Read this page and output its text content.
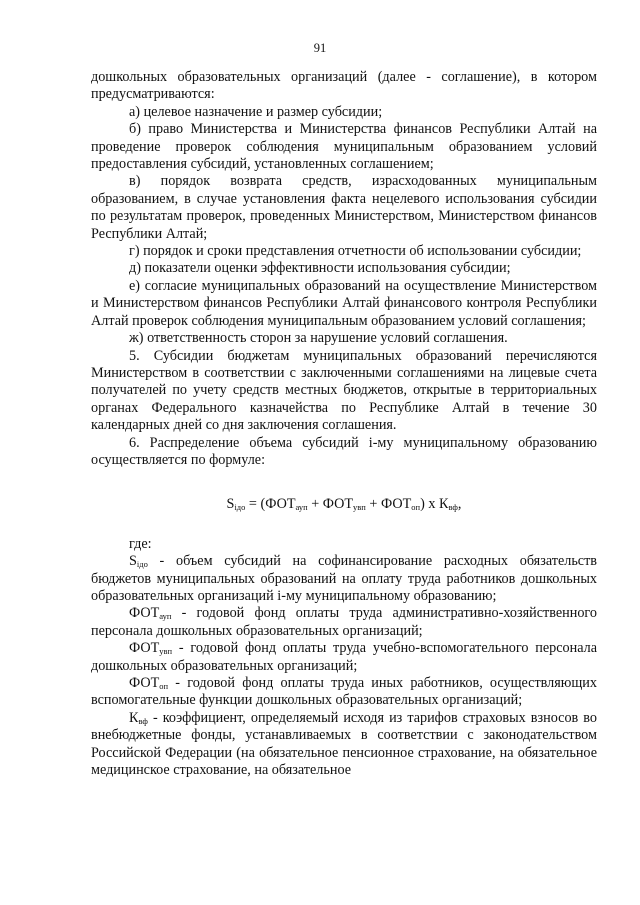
91

дошкольных образовательных организаций (далее - соглашение), в котором предусматриваются:

а) целевое назначение и размер субсидии;

б) право Министерства и Министерства финансов Республики Алтай на проведение проверок соблюдения муниципальным образованием условий предоставления субсидий, установленных соглашением;

в) порядок возврата средств, израсходованных муниципальным образованием, в случае установления факта нецелевого использования субсидии по результатам проверок, проведенных Министерством, Министерством финансов Республики Алтай;

г) порядок и сроки представления отчетности об использовании субсидии;

д) показатели оценки эффективности использования субсидии;

е) согласие муниципальных образований на осуществление Министерством и Министерством финансов Республики Алтай финансового контроля Республики Алтай проверок соблюдения муниципальным образованием условий соглашения;

ж) ответственность сторон за нарушение условий соглашения.

5. Субсидии бюджетам муниципальных образований перечисляются Министерством в соответствии с заключенными соглашениями на лицевые счета получателей по учету средств местных бюджетов, открытые в территориальных органах Федерального казначейства по Республике Алтай в течение 30 календарных дней со дня заключения соглашения.

6. Распределение объема субсидий i-му муниципальному образованию осуществляется по формуле:

$S_{iдо} = (ФОТ_{ауп} + ФОТ_{увп} + ФОТ_{оп})$ х $К_{вф}$,

где:

$S_{iдо}$ - объем субсидий на софинансирование расходных обязательств бюджетов муниципальных образований на оплату труда работников дошкольных образовательных организаций i-му муниципальному образованию;

$ФОТ_{ауп}$ - годовой фонд оплаты труда административно-хозяйственного персонала дошкольных образовательных организаций;

$ФОТ_{увп}$ - годовой фонд оплаты труда учебно-вспомогательного персонала дошкольных образовательных организаций;

$ФОТ_{оп}$ - годовой фонд оплаты труда иных работников, осуществляющих вспомогательные функции дошкольных образовательных организаций;

$К_{вф}$ - коэффициент, определяемый исходя из тарифов страховых взносов во внебюджетные фонды, устанавливаемых в соответствии с законодательством Российской Федерации (на обязательное пенсионное страхование, на обязательное медицинское страхование, на обязательное
